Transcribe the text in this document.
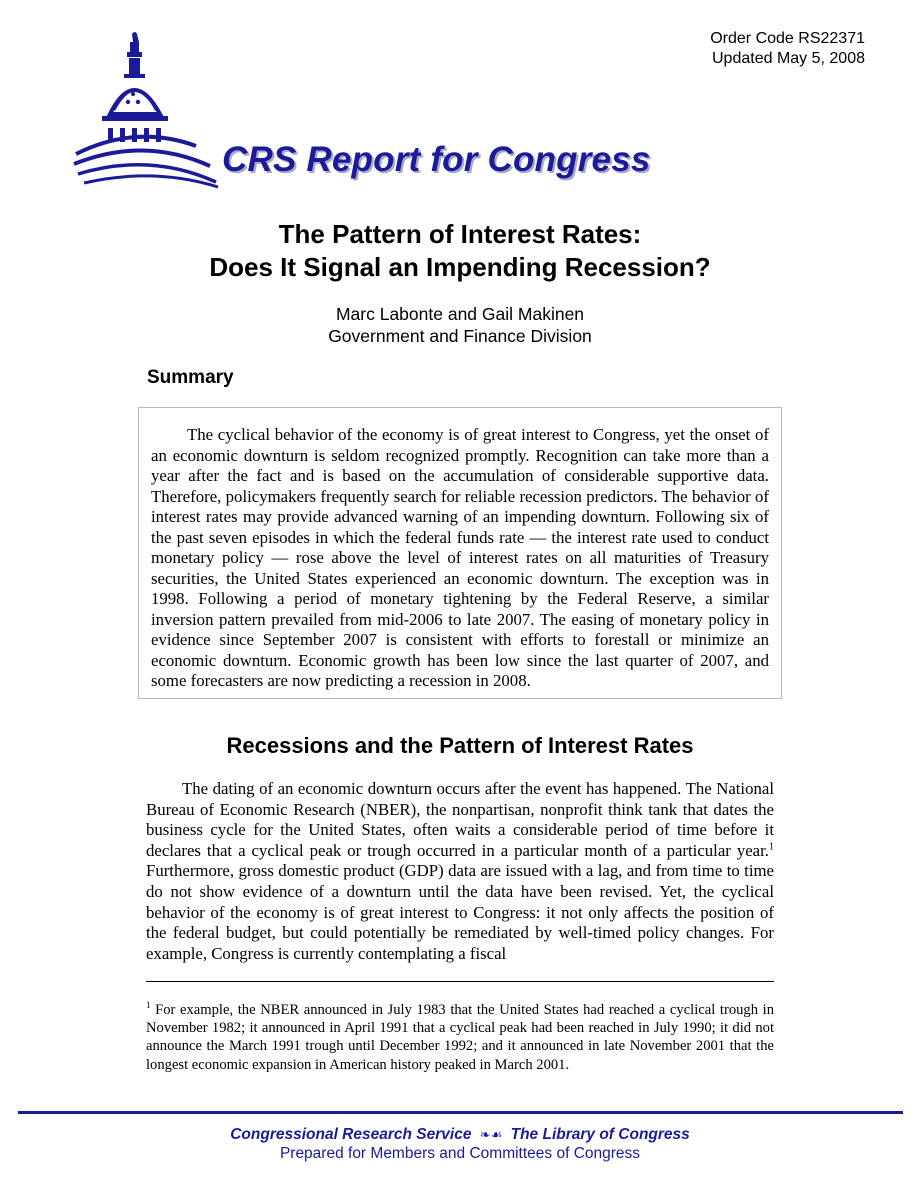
Order Code RS22371
Updated May 5, 2008
CRS Report for Congress
The Pattern of Interest Rates:
Does It Signal an Impending Recession?
Marc Labonte and Gail Makinen
Government and Finance Division
Summary

The cyclical behavior of the economy is of great interest to Congress, yet the onset of an economic downturn is seldom recognized promptly. Recognition can take more than a year after the fact and is based on the accumulation of considerable supportive data. Therefore, policymakers frequently search for reliable recession predictors. The behavior of interest rates may provide advanced warning of an impending downturn. Following six of the past seven episodes in which the federal funds rate — the interest rate used to conduct monetary policy — rose above the level of interest rates on all maturities of Treasury securities, the United States experienced an economic downturn. The exception was in 1998. Following a period of monetary tightening by the Federal Reserve, a similar inversion pattern prevailed from mid-2006 to late 2007. The easing of monetary policy in evidence since September 2007 is consistent with efforts to forestall or minimize an economic downturn. Economic growth has been low since the last quarter of 2007, and some forecasters are now predicting a recession in 2008.

Recessions and the Pattern of Interest Rates

The dating of an economic downturn occurs after the event has happened. The National Bureau of Economic Research (NBER), the nonpartisan, nonprofit think tank that dates the business cycle for the United States, often waits a considerable period of time before it declares that a cyclical peak or trough occurred in a particular month of a particular year.$^1$ Furthermore, gross domestic product (GDP) data are issued with a lag, and from time to time do not show evidence of a downturn until the data have been revised. Yet, the cyclical behavior of the economy is of great interest to Congress: it not only affects the position of the federal budget, but could potentially be remediated by well-timed policy changes. For example, Congress is currently contemplating a fiscal

$^1$ For example, the NBER announced in July 1983 that the United States had reached a cyclical trough in November 1982; it announced in April 1991 that a cyclical peak had been reached in July 1990; it did not announce the March 1991 trough until December 1992; and it announced in late November 2001 that the longest economic expansion in American history peaked in March 2001.

Congressional Research Service ❧☙ The Library of Congress
Prepared for Members and Committees of Congress
